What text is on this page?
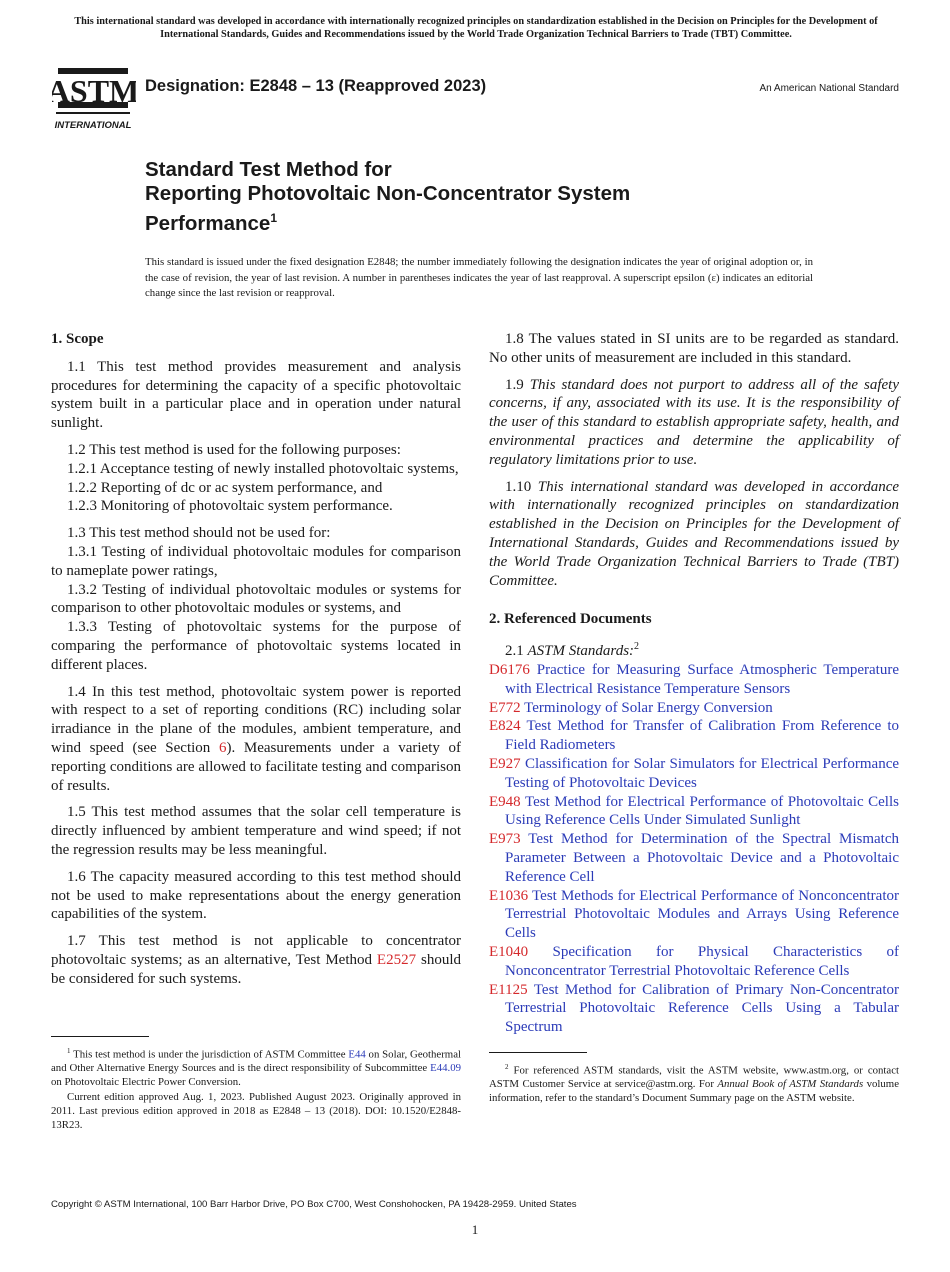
This international standard was developed in accordance with internationally recognized principles on standardization established in the Decision on Principles for the Development of International Standards, Guides and Recommendations issued by the World Trade Organization Technical Barriers to Trade (TBT) Committee.
ASTM
INTERNATIONAL
Designation: E2848 – 13 (Reapproved 2023)	An American National Standard
Standard Test Method for
Reporting Photovoltaic Non-Concentrator System
Performance$^1$
This standard is issued under the fixed designation E2848; the number immediately following the designation indicates the year of original adoption or, in the case of revision, the year of last revision. A number in parentheses indicates the year of last reapproval. A superscript epsilon (ε) indicates an editorial change since the last revision or reapproval.
1. Scope

1.1 This test method provides measurement and analysis procedures for determining the capacity of a specific photovoltaic system built in a particular place and in operation under natural sunlight.

1.2 This test method is used for the following purposes:

1.2.1 Acceptance testing of newly installed photovoltaic systems,

1.2.2 Reporting of dc or ac system performance, and

1.2.3 Monitoring of photovoltaic system performance.

1.3 This test method should not be used for:

1.3.1 Testing of individual photovoltaic modules for comparison to nameplate power ratings,

1.3.2 Testing of individual photovoltaic modules or systems for comparison to other photovoltaic modules or systems, and

1.3.3 Testing of photovoltaic systems for the purpose of comparing the performance of photovoltaic systems located in different places.

1.4 In this test method, photovoltaic system power is reported with respect to a set of reporting conditions (RC) including solar irradiance in the plane of the modules, ambient temperature, and wind speed (see Section 6). Measurements under a variety of reporting conditions are allowed to facilitate testing and comparison of results.

1.5 This test method assumes that the solar cell temperature is directly influenced by ambient temperature and wind speed; if not the regression results may be less meaningful.

1.6 The capacity measured according to this test method should not be used to make representations about the energy generation capabilities of the system.

1.7 This test method is not applicable to concentrator photovoltaic systems; as an alternative, Test Method E2527 should be considered for such systems.

1.8 The values stated in SI units are to be regarded as standard. No other units of measurement are included in this standard.

1.9 This standard does not purport to address all of the safety concerns, if any, associated with its use. It is the responsibility of the user of this standard to establish appropriate safety, health, and environmental practices and determine the applicability of regulatory limitations prior to use.

1.10 This international standard was developed in accordance with internationally recognized principles on standardization established in the Decision on Principles for the Development of International Standards, Guides and Recommendations issued by the World Trade Organization Technical Barriers to Trade (TBT) Committee.

2. Referenced Documents

2.1 ASTM Standards:$^2$

D6176 Practice for Measuring Surface Atmospheric Temperature with Electrical Resistance Temperature Sensors

E772 Terminology of Solar Energy Conversion

E824 Test Method for Transfer of Calibration From Reference to Field Radiometers

E927 Classification for Solar Simulators for Electrical Performance Testing of Photovoltaic Devices

E948 Test Method for Electrical Performance of Photovoltaic Cells Using Reference Cells Under Simulated Sunlight

E973 Test Method for Determination of the Spectral Mismatch Parameter Between a Photovoltaic Device and a Photovoltaic Reference Cell

E1036 Test Methods for Electrical Performance of Nonconcentrator Terrestrial Photovoltaic Modules and Arrays Using Reference Cells

E1040 Specification for Physical Characteristics of Nonconcentrator Terrestrial Photovoltaic Reference Cells

E1125 Test Method for Calibration of Primary Non-Concentrator Terrestrial Photovoltaic Reference Cells Using a Tabular Spectrum

$^1$ This test method is under the jurisdiction of ASTM Committee E44 on Solar, Geothermal and Other Alternative Energy Sources and is the direct responsibility of Subcommittee E44.09 on Photovoltaic Electric Power Conversion.

Current edition approved Aug. 1, 2023. Published August 2023. Originally approved in 2011. Last previous edition approved in 2018 as E2848 – 13 (2018). DOI: 10.1520/E2848-13R23.

$^2$ For referenced ASTM standards, visit the ASTM website, www.astm.org, or contact ASTM Customer Service at service@astm.org. For Annual Book of ASTM Standards volume information, refer to the standard’s Document Summary page on the ASTM website.

Copyright © ASTM International, 100 Barr Harbor Drive, PO Box C700, West Conshohocken, PA 19428-2959. United States
1
